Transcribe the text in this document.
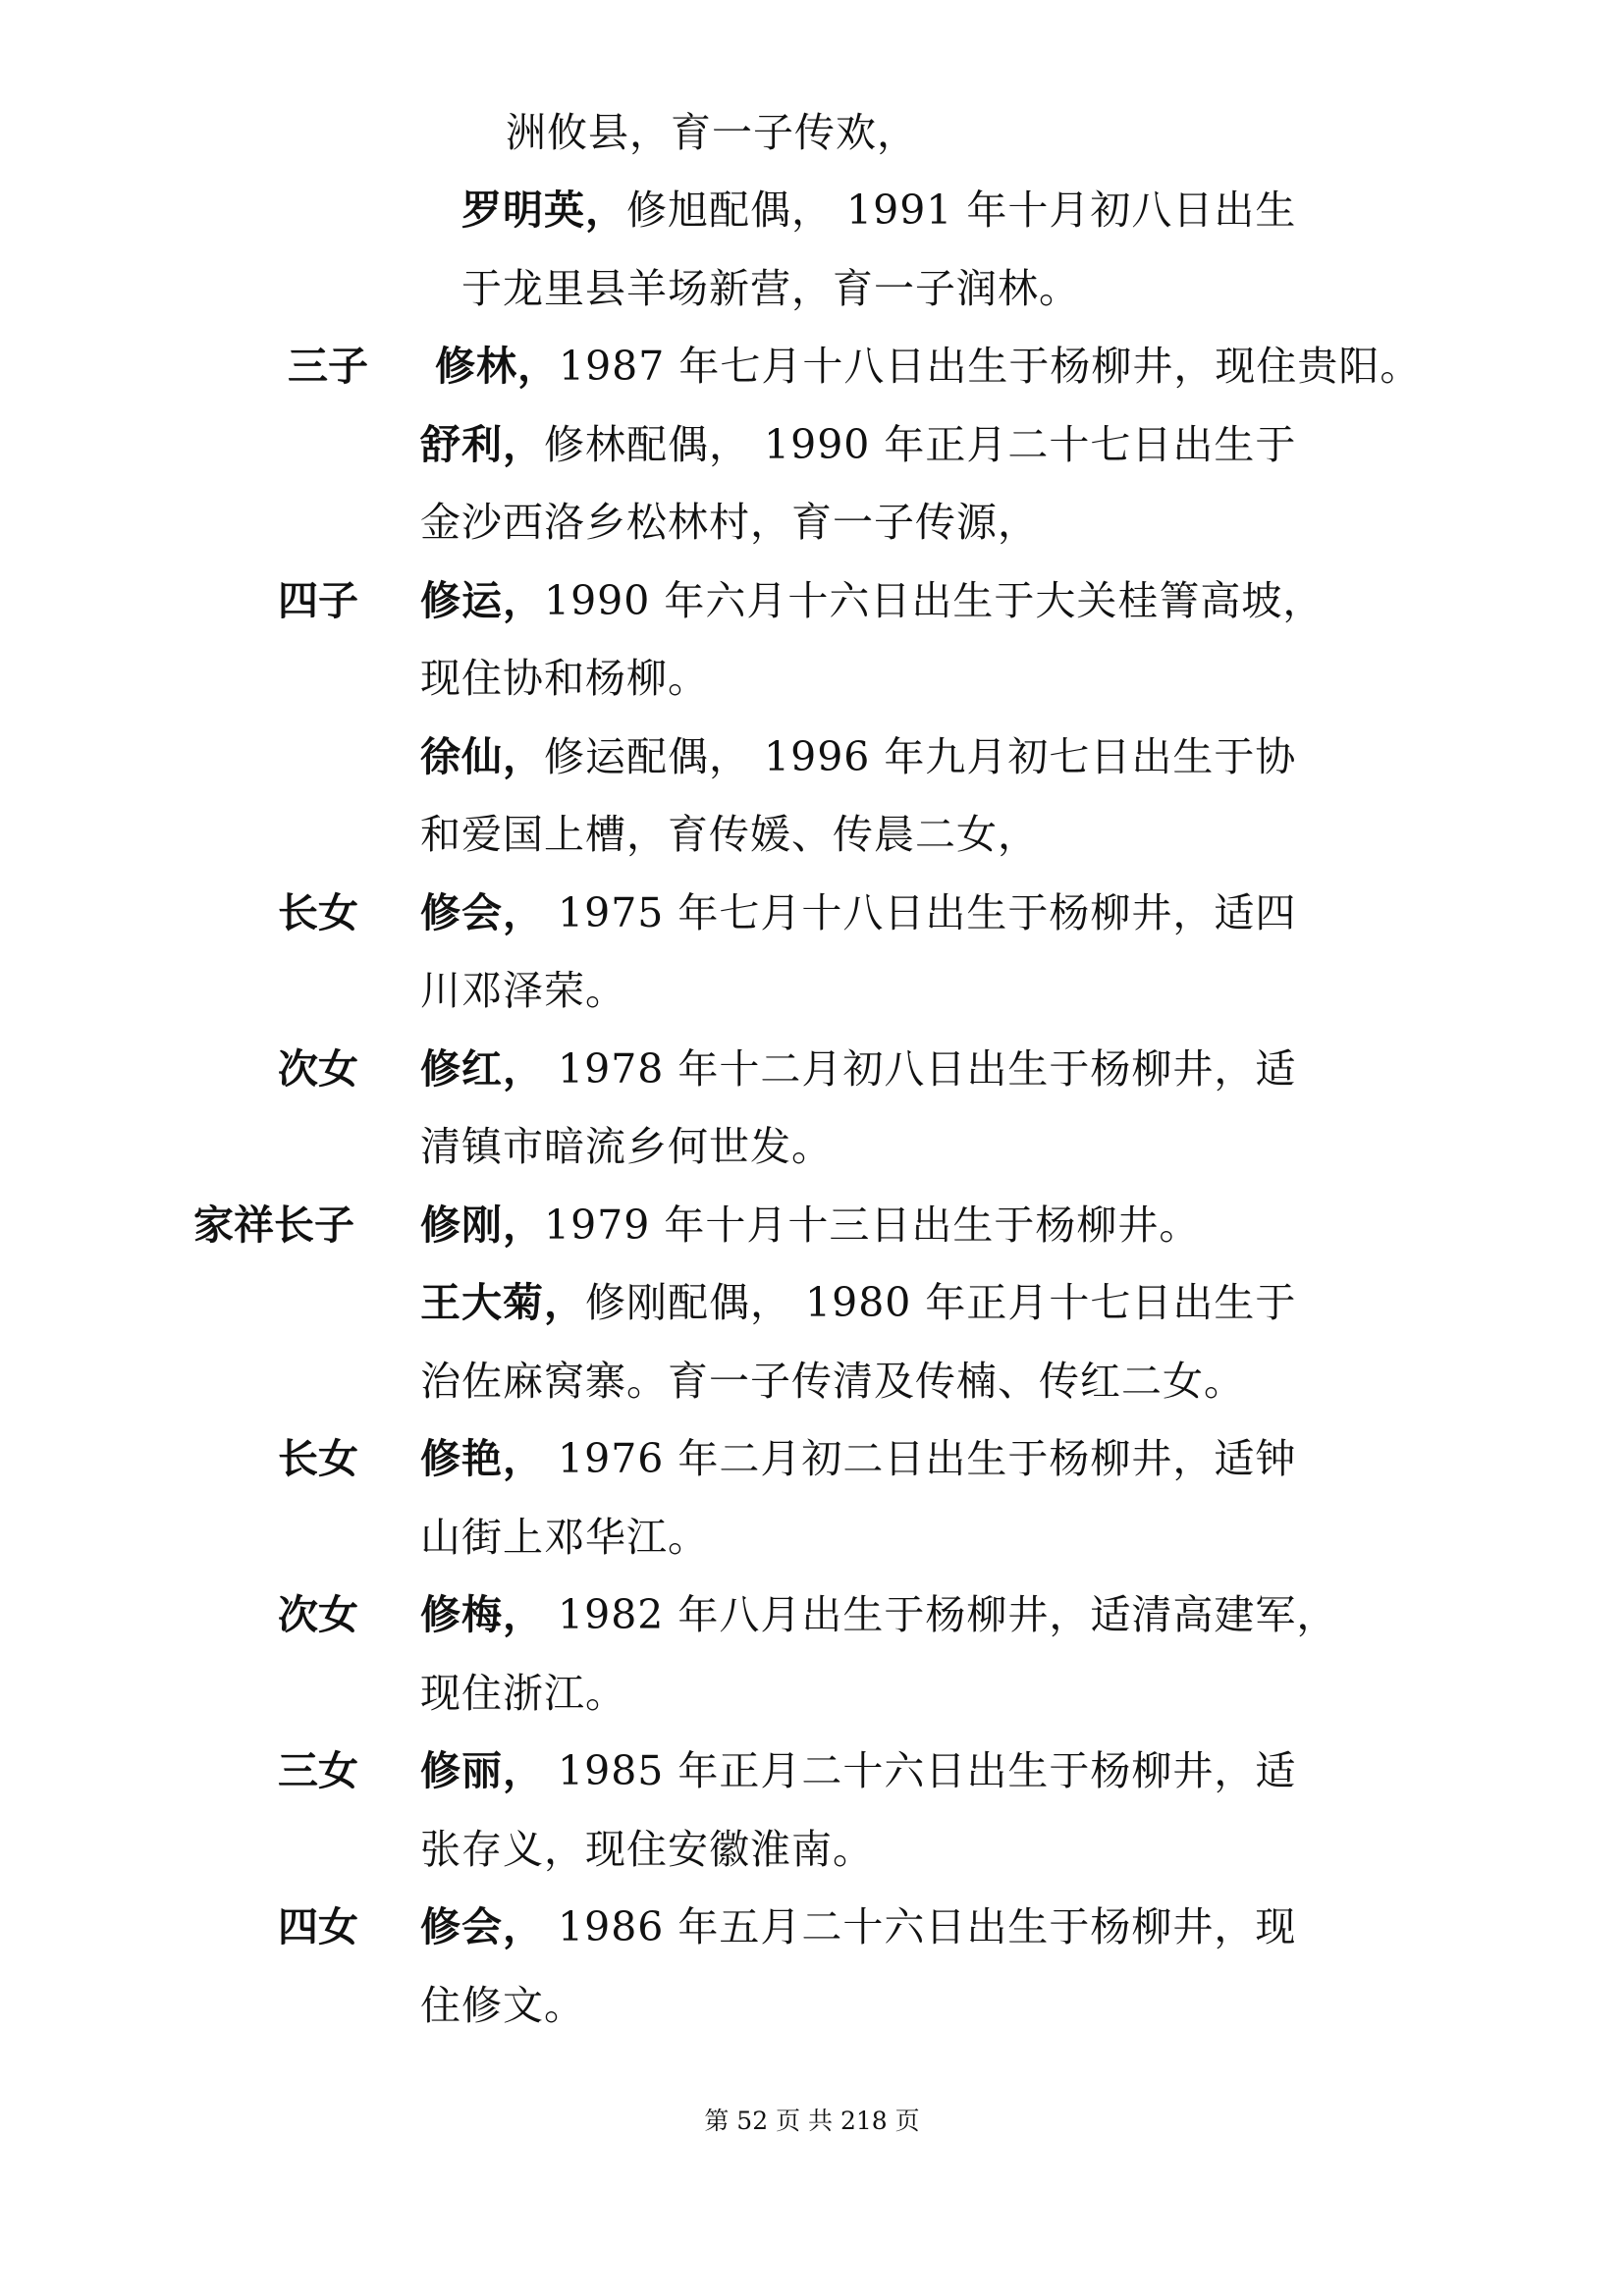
洲攸县，育一子传欢，
罗明英，修旭配偶， 1991 年十月初八日出生
于龙里县羊场新营，育一子润林。
三子 修林，1987 年七月十八日出生于杨柳井，现住贵阳。
舒利，修林配偶， 1990 年正月二十七日出生于
金沙西洛乡松林村，育一子传源，
四子 修运，1990 年六月十六日出生于大关桂箐高坡，
现住协和杨柳。
徐仙，修运配偶， 1996 年九月初七日出生于协
和爱国上槽，育传媛、传晨二女，
长女 修会， 1975 年七月十八日出生于杨柳井，适四
川邓泽荣。
次女 修红， 1978 年十二月初八日出生于杨柳井，适
清镇市暗流乡何世发。
家祥长子 修刚，1979 年十月十三日出生于杨柳井。
王大菊，修刚配偶， 1980 年正月十七日出生于
治佐麻窝寨。育一子传清及传楠、传红二女。
长女 修艳， 1976 年二月初二日出生于杨柳井，适钟
山街上邓华江。
次女 修梅， 1982 年八月出生于杨柳井，适清高建军，
现住浙江。
三女 修丽， 1985 年正月二十六日出生于杨柳井，适
张存义，现住安徽淮南。
四女 修会， 1986 年五月二十六日出生于杨柳井，现
住修文。
第 52 页 共 218 页
